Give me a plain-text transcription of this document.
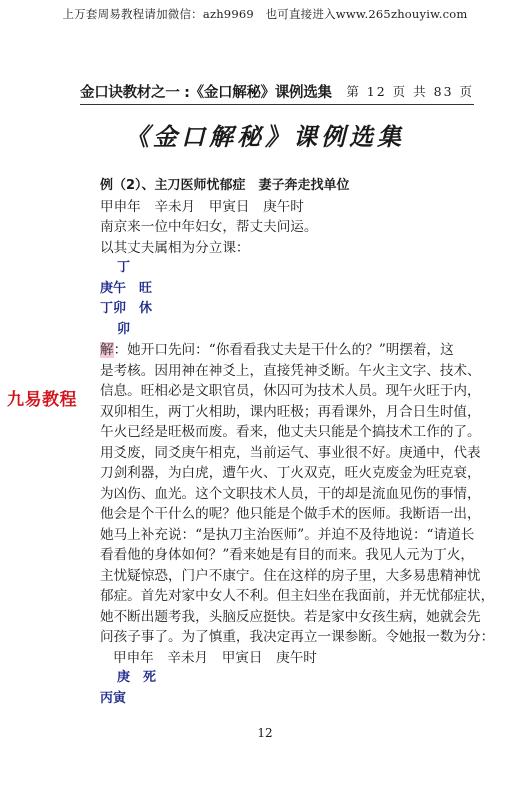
上万套周易教程请加微信：azh9969　也可直接进入www.265zhouyiw.com
金口诀教材之一 :《金口解秘》课例选集 第 12 页 共 83 页
《金口解秘》课例选集
例（2）、主刀医师忧郁症　妻子奔走找单位
甲申年　辛未月　甲寅日　庚午时
南京来一位中年妇女，帮丈夫问运。
以其丈夫属相为分立课：
丁
庚午　旺
丁卯　休
卯
解：她开口先问：“你看看我丈夫是干什么的？”明摆着，这
是考核。因用神在神爻上，直接凭神爻断。午火主文字、技术、
信息。旺相必是文职官员，休囚可为技术人员。现午火旺于内，
双卯相生，两丁火相助，课内旺极；再看课外，月合日生时值，
午火已经是旺极而废。看来，他丈夫只能是个搞技术工作的了。
用爻废，同爻庚午相克，当前运气、事业很不好。庚通中，代表
刀剑利器，为白虎，遭午火、丁火双克，旺火克废金为旺克衰，
为凶伤、血光。这个文职技术人员，干的却是流血见伤的事情，
他会是个干什么的呢？他只能是个做手术的医师。我断语一出，
她马上补充说：“是执刀主治医师”。并迫不及待地说：“请道长
看看他的身体如何？”看来她是有目的而来。我见人元为丁火，
主忧疑惊恐，门户不康宁。住在这样的房子里，大多易患精神忧
郁症。首先对家中女人不利。但主妇坐在我面前，并无忧郁症状，
她不断出题考我，头脑反应挺快。若是家中女孩生病，她就会先
问孩子事了。为了慎重，我决定再立一课参断。令她报一数为分：
甲申年　辛未月　甲寅日　庚午时
庚　死
丙寅
九易教程
12
